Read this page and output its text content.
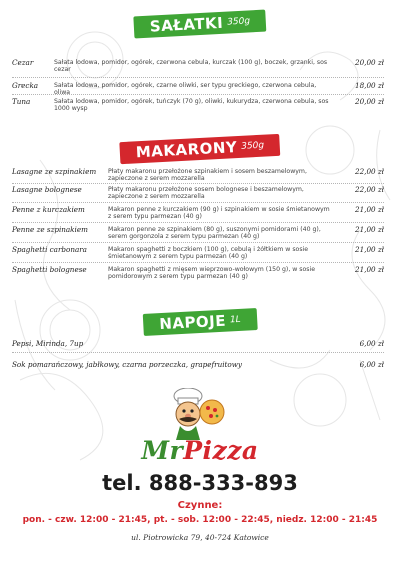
SAŁATKI 350g
Cezar	Sałata lodowa, pomidor, ogórek, czerwona cebula, kurczak (100 g), boczek, grzanki, sos cezar
20,00 zł
Grecka	Sałata lodowa, pomidor, ogórek, czarne oliwki, ser typu greckiego, czerwona cebula, oliwa
18,00 zł
Tuna	Sałata lodowa, pomidor, ogórek, tuńczyk (70 g), oliwki, kukurydza, czerwona cebula, sos 1000 wysp
20,00 zł
MAKARONY 350g
Lasagne ze szpinakiem	Płaty makaronu przełożone szpinakiem i sosem beszamelowym, zapieczone z serem mozzarella
22,00 zł
Lasagne bolognese	Płaty makaronu przełożone sosem bolognese i beszamelowym, zapieczone z serem mozzarella
22,00 zł
Penne z kurczakiem	Makaron penne z kurczakiem (90 g) i szpinakiem w sosie śmietanowym z serem typu parmezan (40 g)
21,00 zł
Penne ze szpinakiem	Makaron penne ze szpinakiem (80 g), suszonymi pomidorami (40 g), serem gorgonzola z serem typu parmezan (40 g)
21,00 zł
Spaghetti carbonara	Makaron spaghetti z boczkiem (100 g), cebulą i żółtkiem w sosie śmietanowym z serem typu parmezan (40 g)
21,00 zł
Spaghetti bolognese	Makaron spaghetti z mięsem wieprzowo-wołowym (150 g), w sosie pomidorowym z serem typu parmezan (40 g)
21,00 zł
NAPOJE 1L
Pepsi, Mirinda, 7up	6,00 zł
Sok pomarańczowy, jabłkowy, czarna porzeczka, grapefruitowy	6,00 zł
MrPizza
tel. 888-333-893
Czynne:
pon. - czw. 12:00 - 21:45, pt. - sob. 12:00 - 22:45, niedz. 12:00 - 21:45
ul. Piotrowicka 79, 40-724 Katowice
